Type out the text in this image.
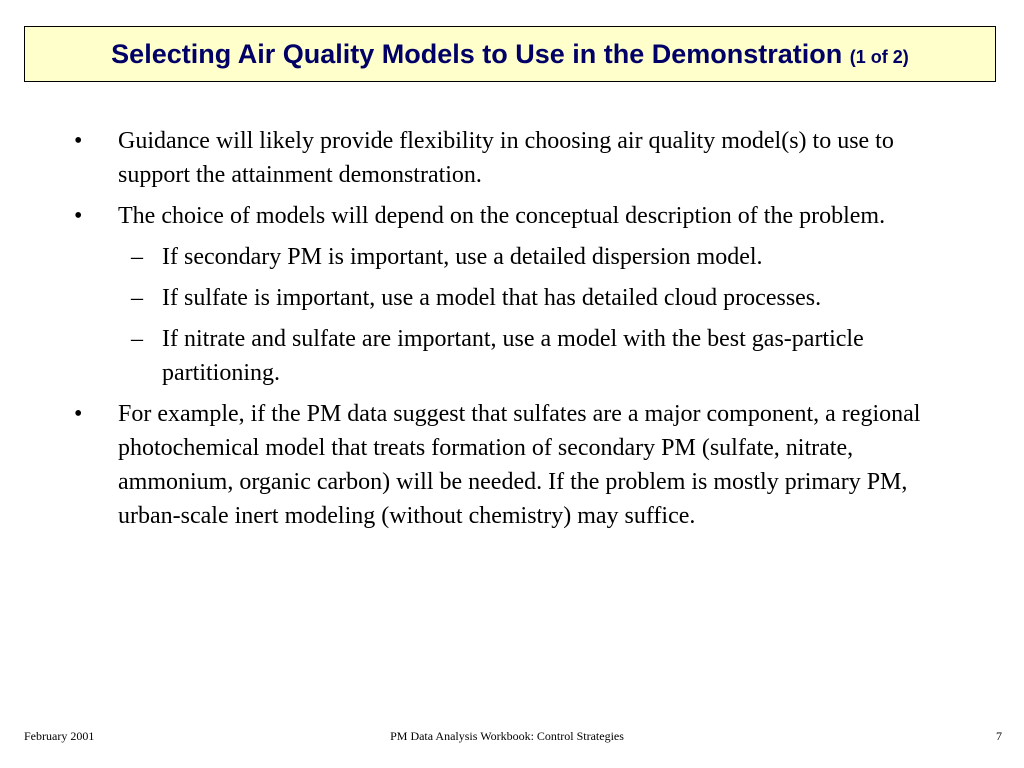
Selecting Air Quality Models to Use in the Demonstration (1 of 2)
•	Guidance will likely provide flexibility in choosing air quality model(s) to use to support the attainment demonstration.
•	The choice of models will depend on the conceptual description of the problem.
– If secondary PM is important, use a detailed dispersion model.
– If sulfate is important, use a model that has detailed cloud processes.
– If nitrate and sulfate are important, use a model with the best gas-particle partitioning.
•	For example, if the PM data suggest that sulfates are a major component, a regional photochemical model that treats formation of secondary PM (sulfate, nitrate, ammonium, organic carbon) will be needed. If the problem is mostly primary PM, urban-scale inert modeling (without chemistry) may suffice.
February 2001	PM Data Analysis Workbook: Control Strategies	7
